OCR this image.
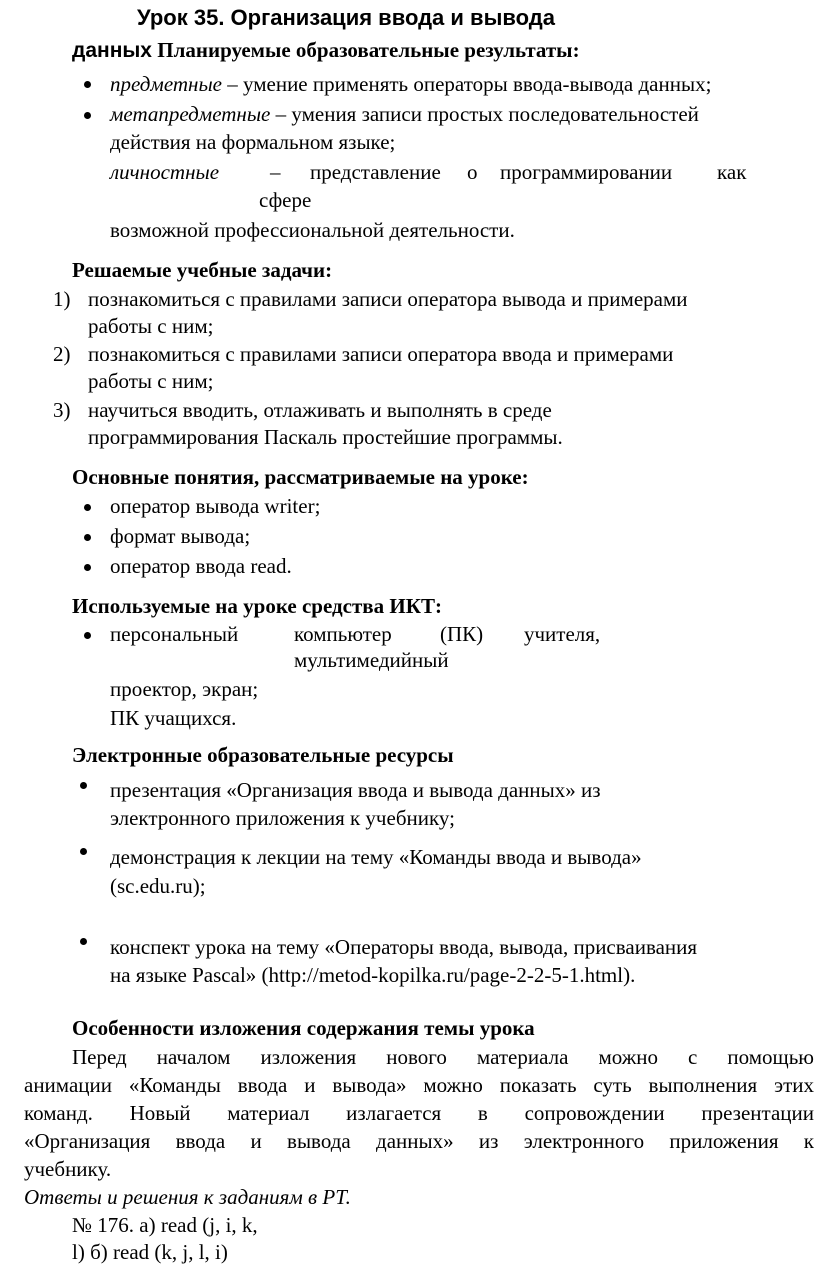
Урок 35. Организация ввода и вывода
данных Планируемые образовательные результаты:
предметные – умение применять операторы ввода-вывода данных;
метапредметные – умения записи простых последовательностей
действия на формальном языке;
личностные – представление о программировании как
сфере
возможной профессиональной деятельности.
Решаемые учебные задачи:
1) познакомиться с правилами записи оператора вывода и примерами
работы с ним;
2) познакомиться с правилами записи оператора ввода и примерами
работы с ним;
3) научиться вводить, отлаживать и выполнять в среде
программирования Паскаль простейшие программы.
Основные понятия, рассматриваемые на уроке:
оператор вывода writer;
формат вывода;
оператор ввода read.
Используемые на уроке средства ИКТ:
персональный	компьютер (ПК) учителя,
мультимедийный
проектор, экран;
ПК учащихся.
Электронные образовательные ресурсы
презентация «Организация ввода и вывода данных» из
электронного приложения к учебнику;
демонстрация к лекции на тему «Команды ввода и вывода»
(sc.edu.ru);
конспект урока на тему «Операторы ввода, вывода, присваивания
на языке Pascal» (http://metod-kopilka.ru/page-2-2-5-1.html).
Особенности изложения содержания темы урока
Перед началом изложения нового материала можно с помощью
анимации «Команды ввода и вывода» можно показать суть выполнения этих
команд. Новый материал излагается в сопровождении презентации
«Организация ввода и вывода данных» из электронного приложения к
учебнику.
Ответы и решения к заданиям в РТ.
№ 176. а) read (j, i, k,
l) б) read (k, j, l, i)
